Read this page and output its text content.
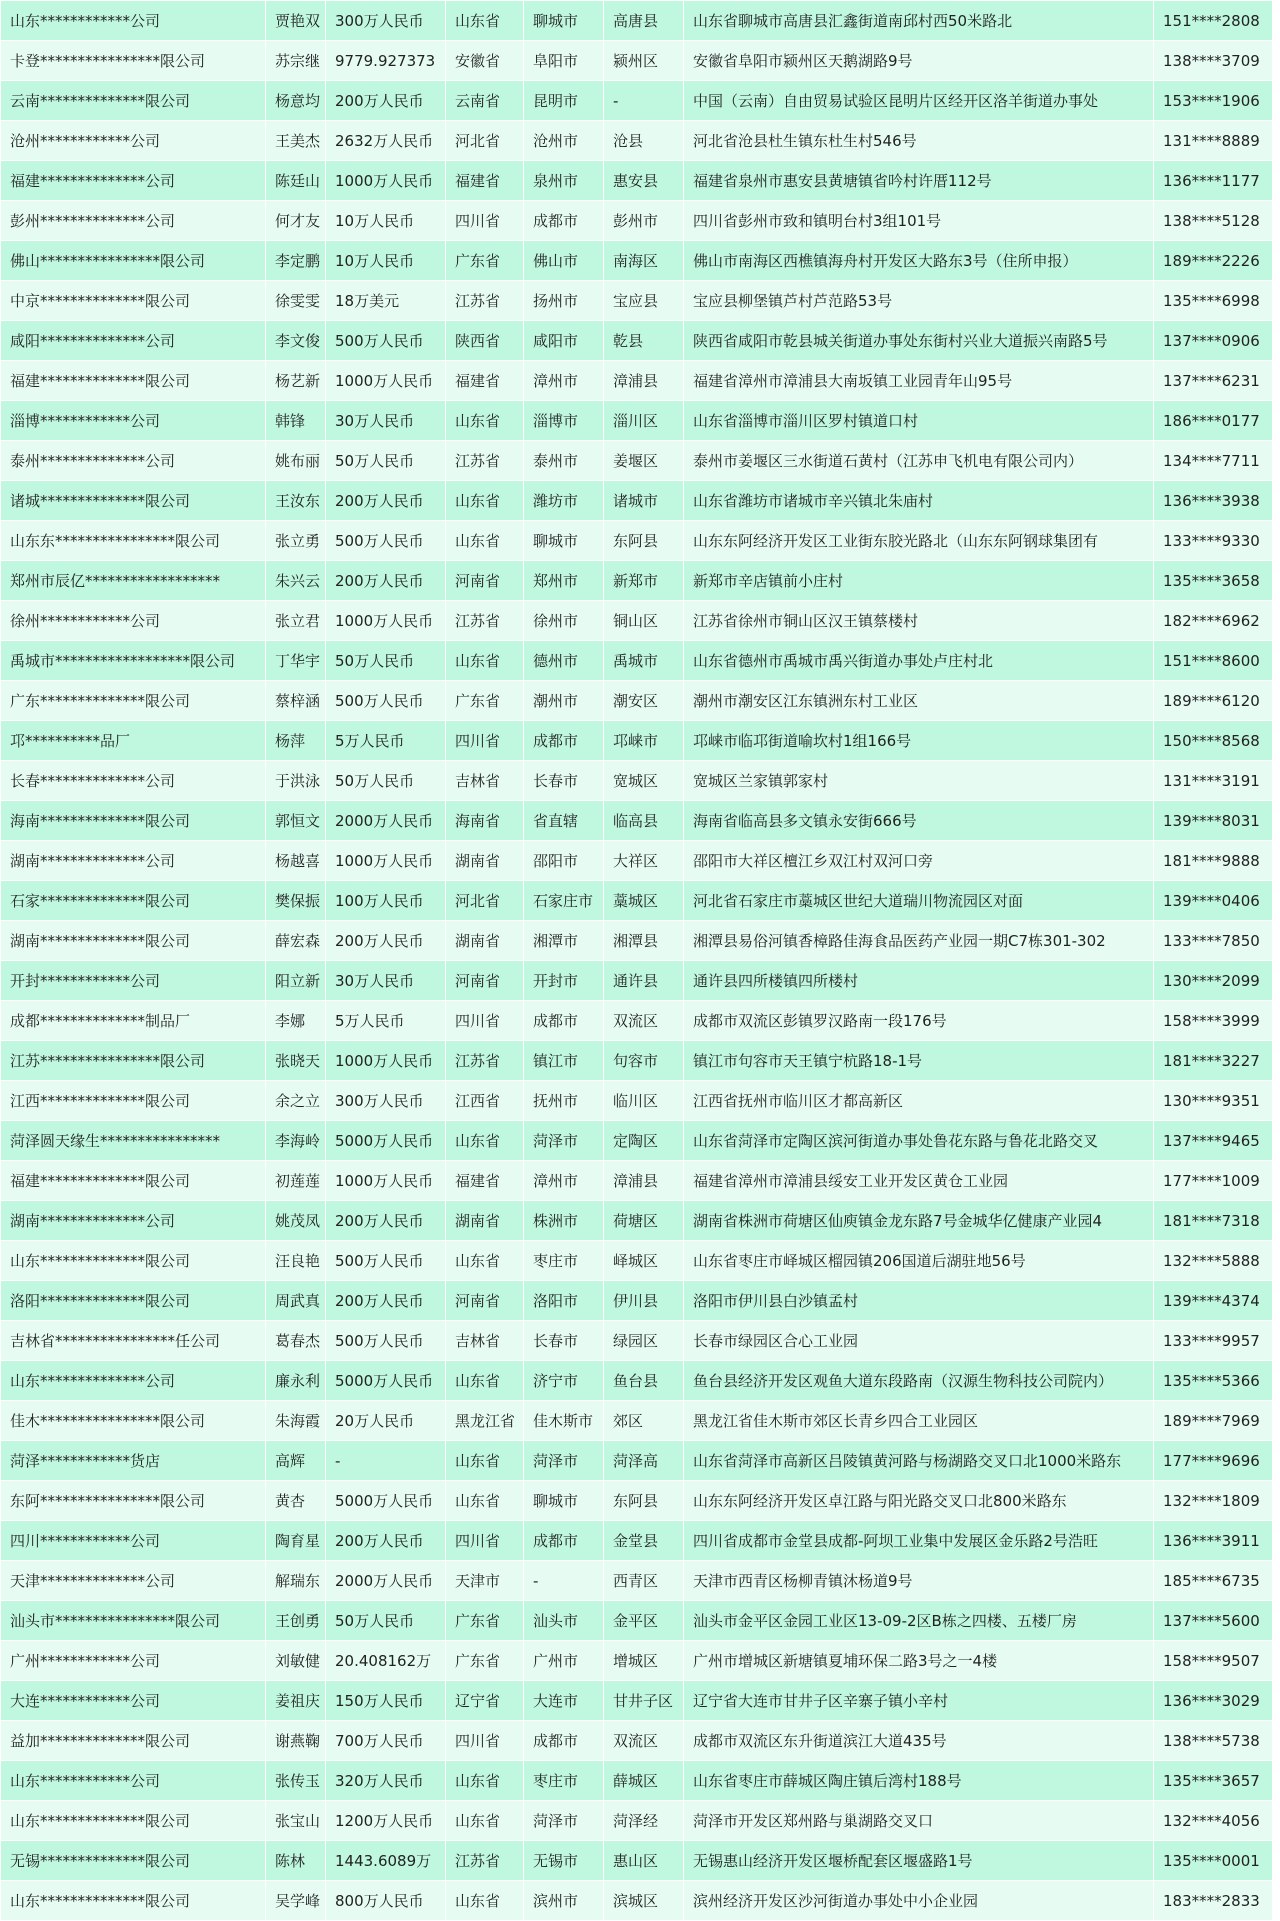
山东************公司	贾艳双	300万人民币	山东省	聊城市	高唐县	山东省聊城市高唐县汇鑫街道南邱村西50米路北	151****2808
卡登****************限公司	苏宗继	9779.927373	安徽省	阜阳市	颍州区	安徽省阜阳市颍州区天鹅湖路9号	138****3709
云南**************限公司	杨意均	200万人民币	云南省	昆明市	-	中国（云南）自由贸易试验区昆明片区经开区洛羊街道办事处	153****1906
沧州************公司	王美杰	2632万人民币	河北省	沧州市	沧县	河北省沧县杜生镇东杜生村546号	131****8889
福建**************公司	陈廷山	1000万人民币	福建省	泉州市	惠安县	福建省泉州市惠安县黄塘镇省吟村许厝112号	136****1177
彭州**************公司	何才友	10万人民币	四川省	成都市	彭州市	四川省彭州市致和镇明台村3组101号	138****5128
佛山****************限公司	李定鹏	10万人民币	广东省	佛山市	南海区	佛山市南海区西樵镇海舟村开发区大路东3号（住所申报）	189****2226
中京**************限公司	徐雯雯	18万美元	江苏省	扬州市	宝应县	宝应县柳堡镇芦村芦范路53号	135****6998
咸阳**************公司	李文俊	500万人民币	陕西省	咸阳市	乾县	陕西省咸阳市乾县城关街道办事处东街村兴业大道振兴南路5号	137****0906
福建**************限公司	杨艺新	1000万人民币	福建省	漳州市	漳浦县	福建省漳州市漳浦县大南坂镇工业园青年山95号	137****6231
淄博************公司	韩锋	30万人民币	山东省	淄博市	淄川区	山东省淄博市淄川区罗村镇道口村	186****0177
泰州**************公司	姚布丽	50万人民币	江苏省	泰州市	姜堰区	泰州市姜堰区三水街道石黄村（江苏申飞机电有限公司内）	134****7711
诸城**************限公司	王汝东	200万人民币	山东省	潍坊市	诸城市	山东省潍坊市诸城市辛兴镇北朱庙村	136****3938
山东东****************限公司	张立勇	500万人民币	山东省	聊城市	东阿县	山东东阿经济开发区工业街东胶光路北（山东东阿钢球集团有	133****9330
郑州市辰亿******************	朱兴云	200万人民币	河南省	郑州市	新郑市	新郑市辛店镇前小庄村	135****3658
徐州************公司	张立君	1000万人民币	江苏省	徐州市	铜山区	江苏省徐州市铜山区汉王镇蔡楼村	182****6962
禹城市******************限公司	丁华宇	50万人民币	山东省	德州市	禹城市	山东省德州市禹城市禹兴街道办事处卢庄村北	151****8600
广东**************限公司	蔡梓涵	500万人民币	广东省	潮州市	潮安区	潮州市潮安区江东镇洲东村工业区	189****6120
邛**********品厂	杨萍	5万人民币	四川省	成都市	邛崃市	邛崃市临邛街道喻坎村1组166号	150****8568
长春**************公司	于洪泳	50万人民币	吉林省	长春市	宽城区	宽城区兰家镇郭家村	131****3191
海南**************限公司	郭恒文	2000万人民币	海南省	省直辖	临高县	海南省临高县多文镇永安街666号	139****8031
湖南**************公司	杨越喜	1000万人民币	湖南省	邵阳市	大祥区	邵阳市大祥区檀江乡双江村双河口旁	181****9888
石家**************限公司	樊保振	100万人民币	河北省	石家庄市	藁城区	河北省石家庄市藁城区世纪大道瑞川物流园区对面	139****0406
湖南**************限公司	薛宏森	200万人民币	湖南省	湘潭市	湘潭县	湘潭县易俗河镇香樟路佳海食品医药产业园一期C7栋301-302	133****7850
开封************公司	阳立新	30万人民币	河南省	开封市	通许县	通许县四所楼镇四所楼村	130****2099
成都**************制品厂	李娜	5万人民币	四川省	成都市	双流区	成都市双流区彭镇罗汉路南一段176号	158****3999
江苏****************限公司	张晓天	1000万人民币	江苏省	镇江市	句容市	镇江市句容市天王镇宁杭路18-1号	181****3227
江西**************限公司	余之立	300万人民币	江西省	抚州市	临川区	江西省抚州市临川区才都高新区	130****9351
菏泽圆天缘生****************	李海岭	5000万人民币	山东省	菏泽市	定陶区	山东省菏泽市定陶区滨河街道办事处鲁花东路与鲁花北路交叉	137****9465
福建**************限公司	初莲莲	1000万人民币	福建省	漳州市	漳浦县	福建省漳州市漳浦县绥安工业开发区黄仓工业园	177****1009
湖南**************公司	姚茂凤	200万人民币	湖南省	株洲市	荷塘区	湖南省株洲市荷塘区仙庾镇金龙东路7号金城华亿健康产业园4	181****7318
山东**************限公司	汪良艳	500万人民币	山东省	枣庄市	峄城区	山东省枣庄市峄城区榴园镇206国道后湖驻地56号	132****5888
洛阳**************限公司	周武真	200万人民币	河南省	洛阳市	伊川县	洛阳市伊川县白沙镇孟村	139****4374
吉林省****************任公司	葛春杰	500万人民币	吉林省	长春市	绿园区	长春市绿园区合心工业园	133****9957
山东**************公司	廉永利	5000万人民币	山东省	济宁市	鱼台县	鱼台县经济开发区观鱼大道东段路南（汉源生物科技公司院内）	135****5366
佳木****************限公司	朱海霞	20万人民币	黑龙江省	佳木斯市	郊区	黑龙江省佳木斯市郊区长青乡四合工业园区	189****7969
菏泽************货店	高辉	-	山东省	菏泽市	菏泽高	山东省菏泽市高新区吕陵镇黄河路与杨湖路交叉口北1000米路东	177****9696
东阿****************限公司	黄杏	5000万人民币	山东省	聊城市	东阿县	山东东阿经济开发区卓江路与阳光路交叉口北800米路东	132****1809
四川************公司	陶育星	200万人民币	四川省	成都市	金堂县	四川省成都市金堂县成都-阿坝工业集中发展区金乐路2号浩旺	136****3911
天津**************公司	解瑞东	2000万人民币	天津市	-	西青区	天津市西青区杨柳青镇沐杨道9号	185****6735
汕头市****************限公司	王创勇	50万人民币	广东省	汕头市	金平区	汕头市金平区金园工业区13-09-2区B栋之四楼、五楼厂房	137****5600
广州************公司	刘敏健	20.408162万	广东省	广州市	增城区	广州市增城区新塘镇夏埔环保二路3号之一4楼	158****9507
大连************公司	姜祖庆	150万人民币	辽宁省	大连市	甘井子区	辽宁省大连市甘井子区辛寨子镇小辛村	136****3029
益加**************限公司	谢燕鞠	700万人民币	四川省	成都市	双流区	成都市双流区东升街道滨江大道435号	138****5738
山东************公司	张传玉	320万人民币	山东省	枣庄市	薛城区	山东省枣庄市薛城区陶庄镇后湾村188号	135****3657
山东**************限公司	张宝山	1200万人民币	山东省	菏泽市	菏泽经	菏泽市开发区郑州路与巢湖路交叉口	132****4056
无锡**************限公司	陈林	1443.6089万	江苏省	无锡市	惠山区	无锡惠山经济开发区堰桥配套区堰盛路1号	135****0001
山东**************限公司	吴学峰	800万人民币	山东省	滨州市	滨城区	滨州经济开发区沙河街道办事处中小企业园	183****2833
